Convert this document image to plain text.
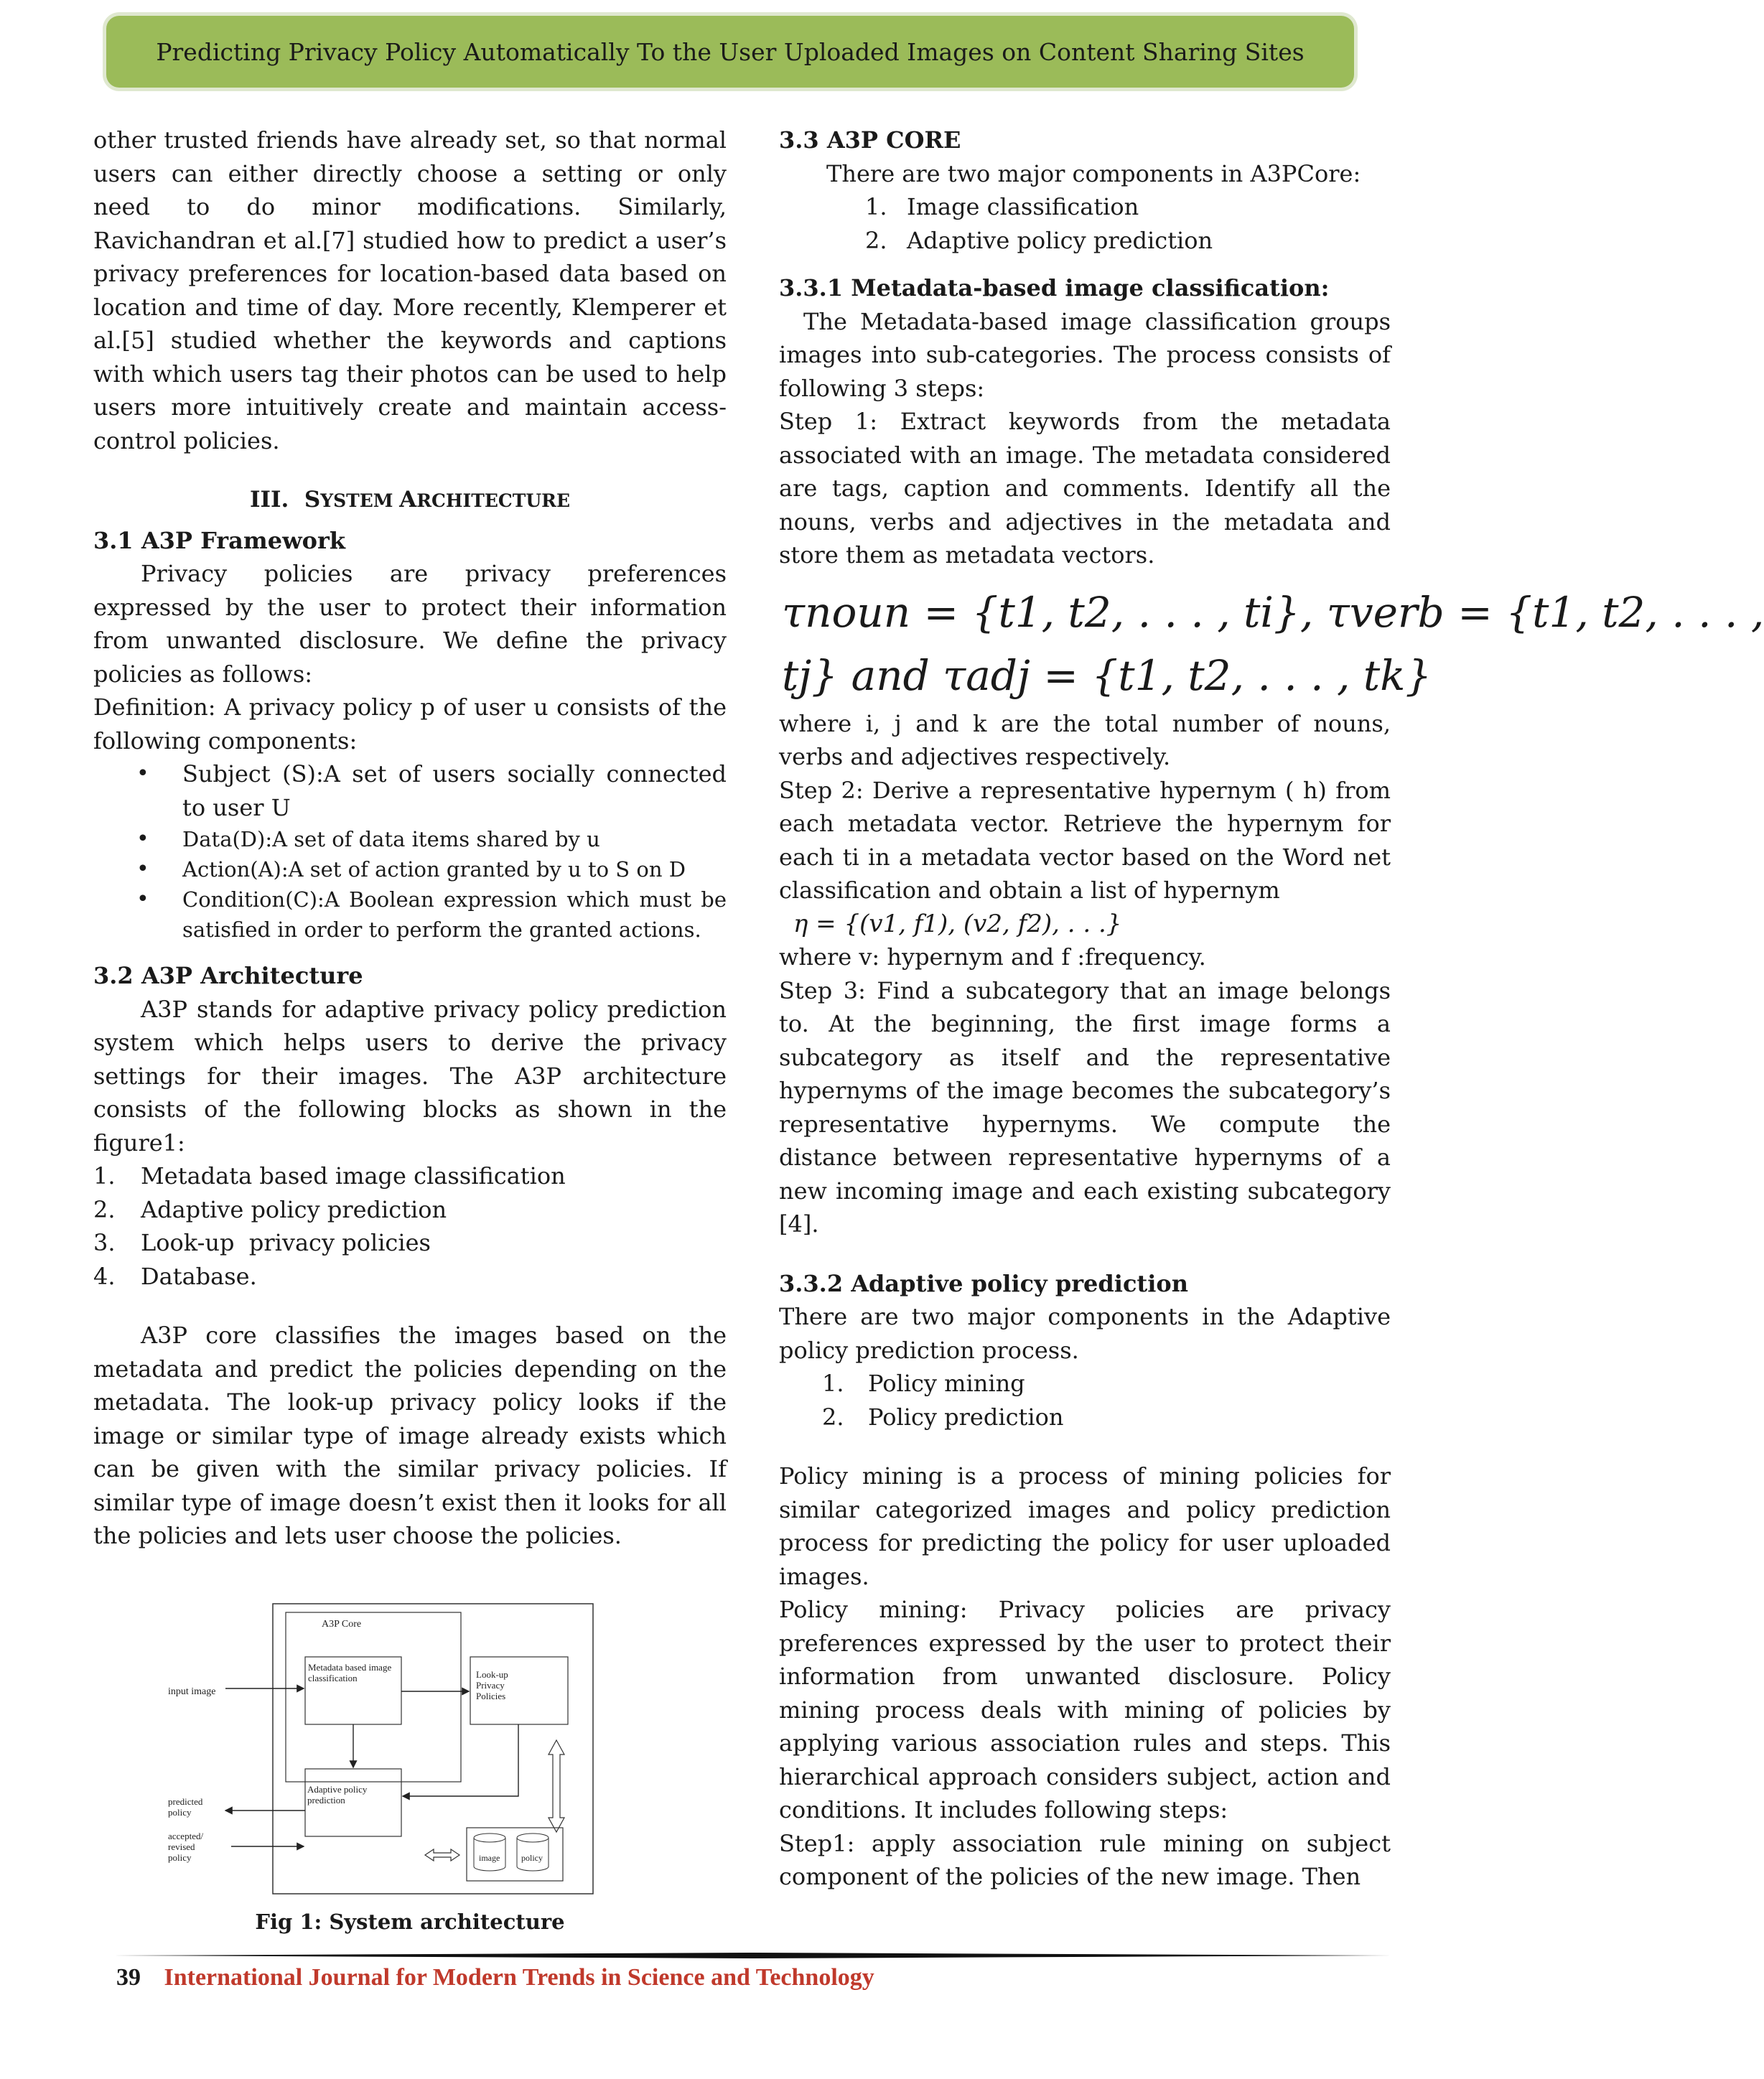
Predicting Privacy Policy Automatically To the User Uploaded Images on Content Sharing Sites

other trusted friends have already set, so that normal users can either directly choose a setting or only need to do minor modifications. Similarly, Ravichandran et al.[7] studied how to predict a user’s privacy preferences for location-based data based on location and time of day. More recently, Klemperer et al.[5] studied whether the keywords and captions with which users tag their photos can be used to help users more intuitively create and maintain access-control policies.

III. SYSTEM ARCHITECTURE

3.1 A3P Framework

Privacy policies are privacy preferences expressed by the user to protect their information from unwanted disclosure. We define the privacy policies as follows:

Definition: A privacy policy p of user u consists of the following components:

• Subject (S):A set of users socially connected to user U
• Data(D):A set of data items shared by u
• Action(A):A set of action granted by u to S on D
• Condition(C):A Boolean expression which must be satisfied in order to perform the granted actions.

3.2 A3P Architecture

A3P stands for adaptive privacy policy prediction system which helps users to derive the privacy settings for their images. The A3P architecture consists of the following blocks as shown in the figure1:

1.	Metadata based image classification
2.	Adaptive policy prediction
3.	Look-up  privacy policies
4.	Database.

A3P core classifies the images based on the metadata and predict the policies depending on the metadata. The look-up privacy policy looks if the image or similar type of image already exists which can be given with the similar privacy policies. If similar type of image doesn’t exist then it looks for all the policies and lets user choose the policies.

A3P Core
Metadata based image classification	Look-up Privacy Policies
Adaptive policy prediction
input image
predicted policy
accepted/ revised policy	image policy
Fig 1: System architecture

3.3 A3P CORE

There are two major components in A3PCore:

1. Image classification
2. Adaptive policy prediction

3.3.1 Metadata-based image classification:

The Metadata-based image classification groups images into sub-categories. The process consists of following 3 steps:

Step 1: Extract keywords from the metadata associated with an image. The metadata considered are tags, caption and comments. Identify all the nouns, verbs and adjectives in the metadata and store them as metadata vectors.

τnoun = {t1, t2, . . . , ti}, τverb = {t1, t2, . . . ,
tj} and τadj = {t1, t2, . . . , tk}

where i, j and k are the total number of nouns, verbs and adjectives respectively.

Step 2: Derive a representative hypernym ( h) from each metadata vector. Retrieve the hypernym for each ti in a metadata vector based on the Word net classification and obtain a list of hypernym

η = {(v1, f1), (v2, f2), . . .}

where v: hypernym and f :frequency.

Step 3: Find a subcategory that an image belongs to. At the beginning, the first image forms a subcategory as itself and the representative hypernyms of the image becomes the subcategory’s representative hypernyms. We compute the distance between representative hypernyms of a new incoming image and each existing subcategory [4].

3.3.2 Adaptive policy prediction

There are two major components in the Adaptive policy prediction process.

1.	Policy mining
2.	Policy prediction

Policy mining is a process of mining policies for similar categorized images and policy prediction process for predicting the policy for user uploaded images.

Policy mining: Privacy policies are privacy preferences expressed by the user to protect their information from unwanted disclosure. Policy mining process deals with mining of policies by applying various association rules and steps. This hierarchical approach considers subject, action and conditions. It includes following steps:

Step1: apply association rule mining on subject component of the policies of the new image. Then

39 International Journal for Modern Trends in Science and Technology
